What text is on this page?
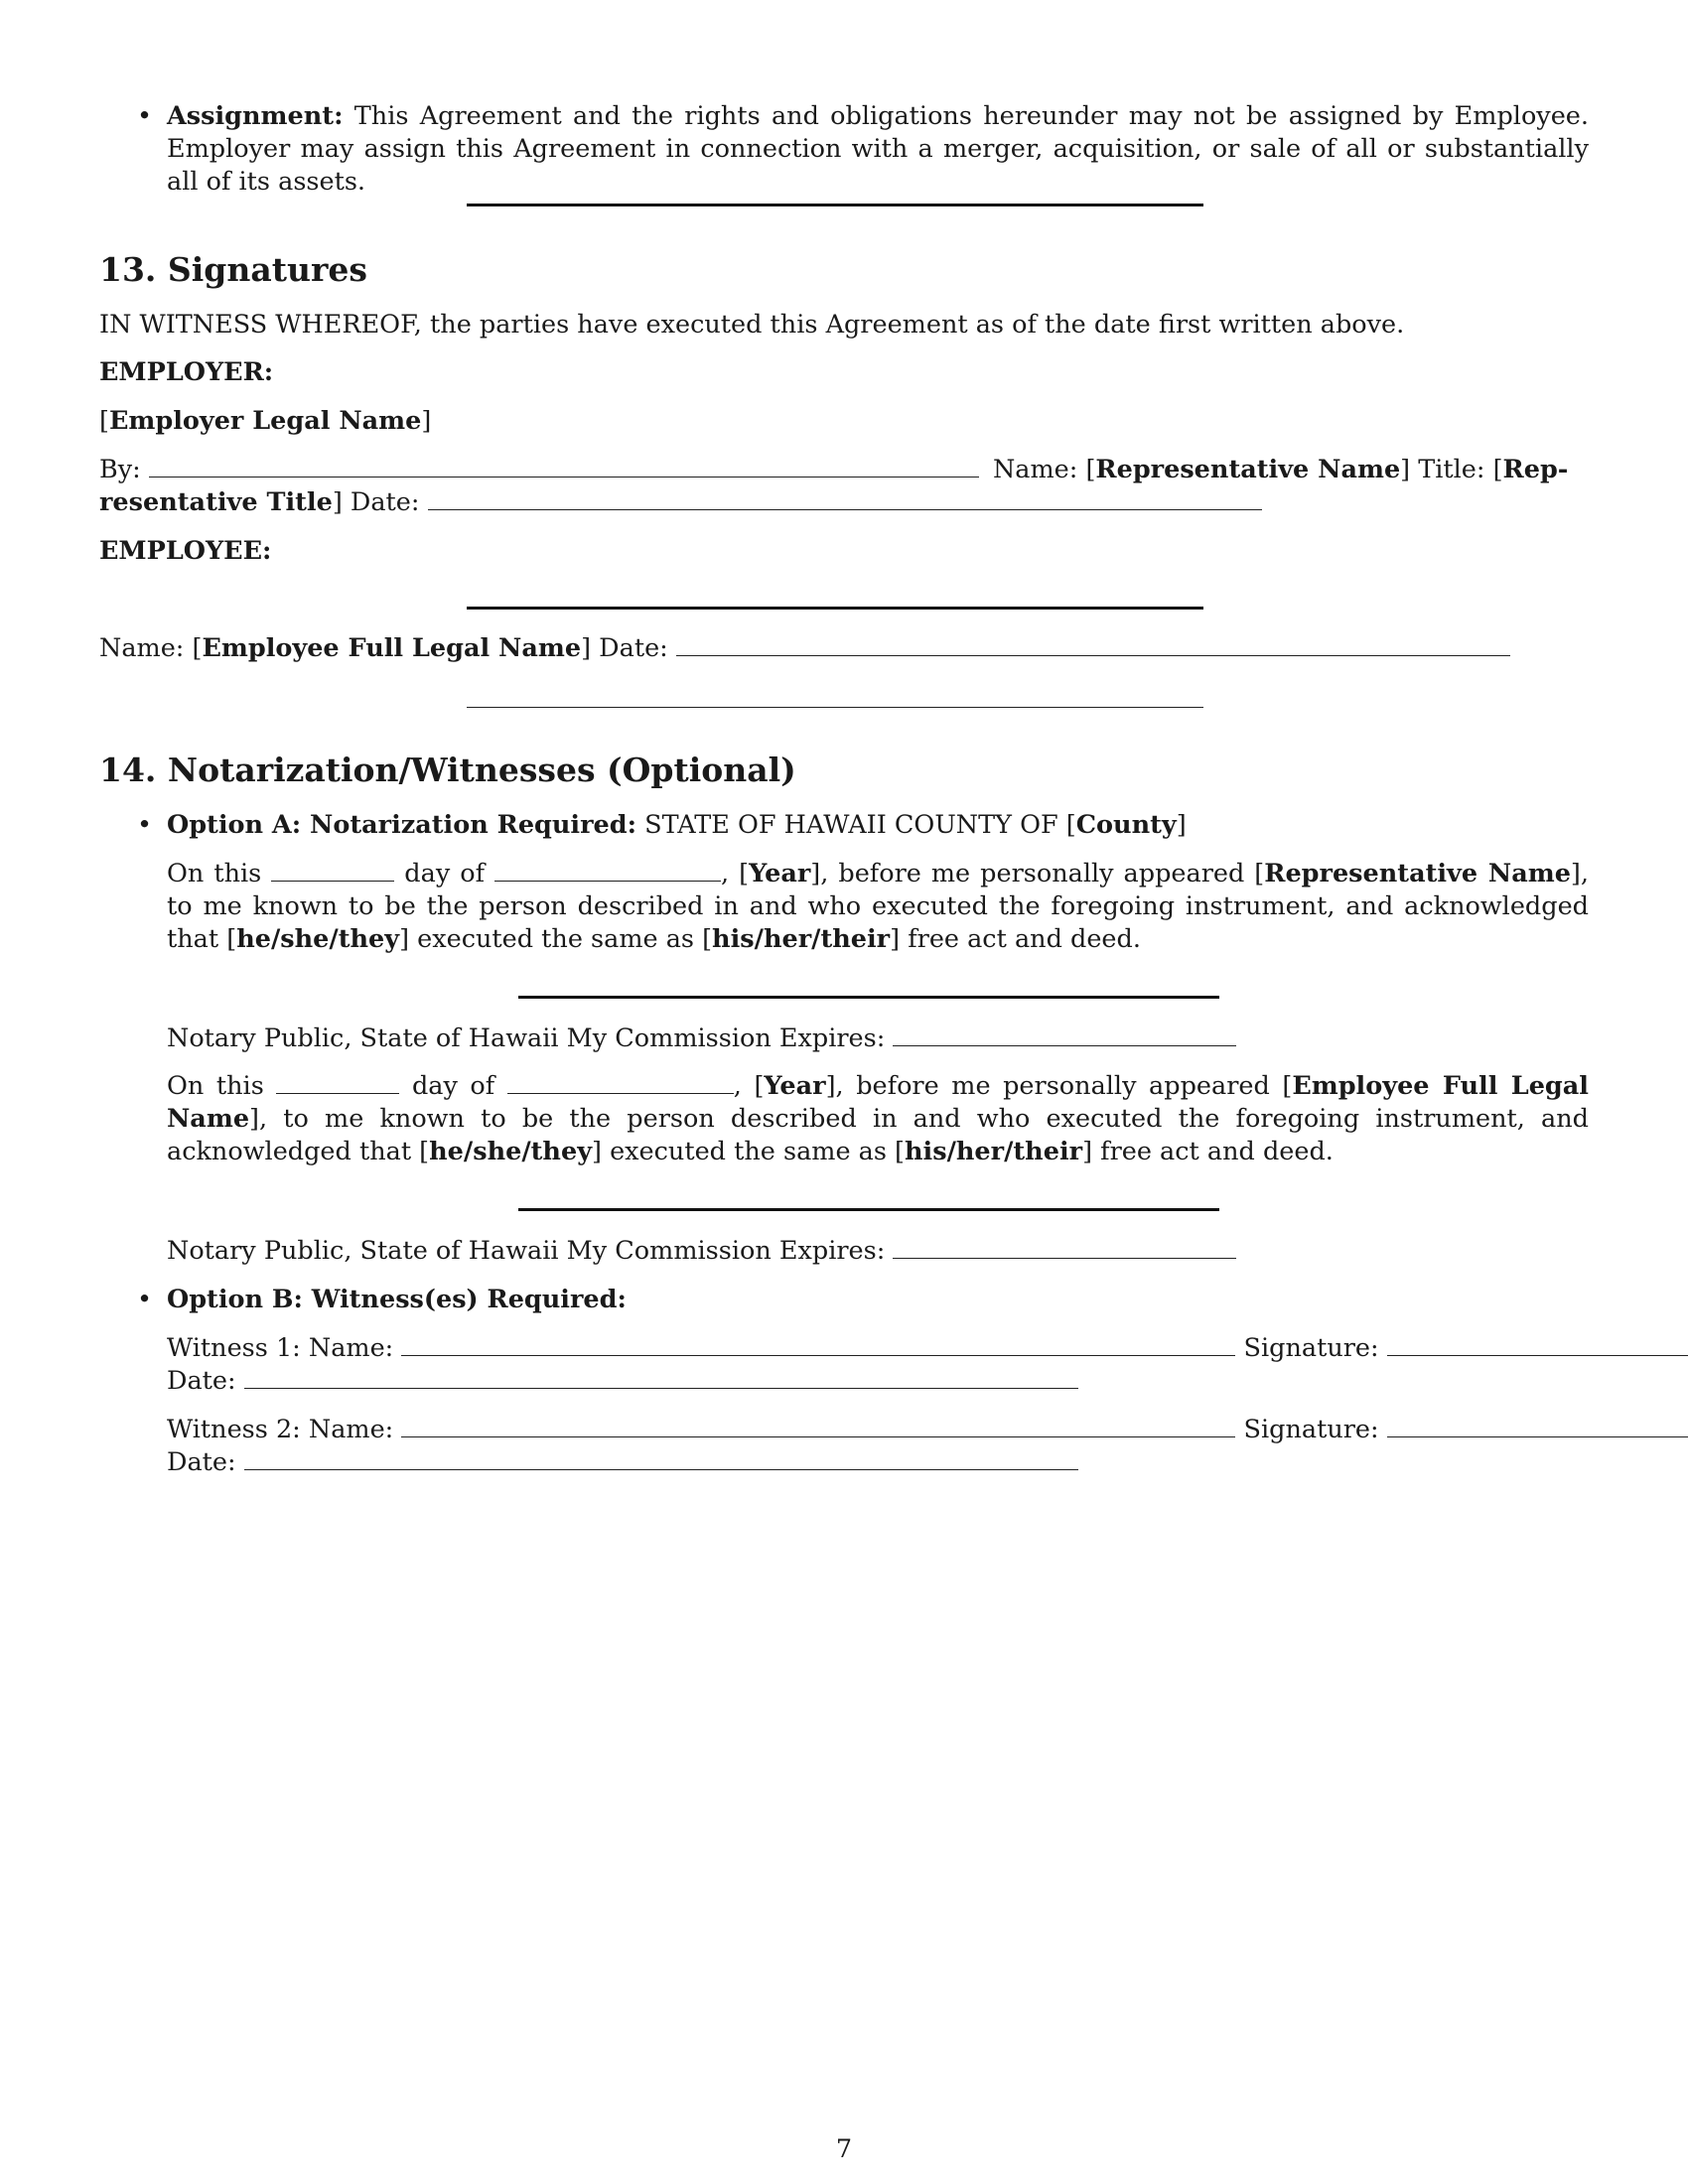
• Assignment: This Agreement and the rights and obligations hereunder may not be assigned by Employee. Employer may assign this Agreement in connection with a merger, acquisition, or sale of all or substantially all of its assets.
13. Signatures
IN WITNESS WHEREOF, the parties have executed this Agreement as of the date first written above.
EMPLOYER:
[Employer Legal Name]
By:	Name: [Representative Name] Title: [Rep-
resentative Title] Date:
EMPLOYEE:
Name: [Employee Full Legal Name] Date:
14. Notarization/Witnesses (Optional)
• Option A: Notarization Required: STATE OF HAWAII COUNTY OF [County]
On this	day of	, [Year], before me personally appeared [Representative Name], to me known to be the person described in and who executed the foregoing instrument, and acknowledged that [he/she/they] executed the same as [his/her/their] free act and deed.
Notary Public, State of Hawaii My Commission Expires:
On this	day of	, [Year], before me personally appeared [Employee Full Legal Name], to me known to be the person described in and who executed the foregoing instrument, and acknowledged that [he/she/they] executed the same as [his/her/their] free act and deed.
Notary Public, State of Hawaii My Commission Expires:
• Option B: Witness(es) Required:
Witness 1: Name:	Signature:
Date:
Witness 2: Name:	Signature:
Date:
7
